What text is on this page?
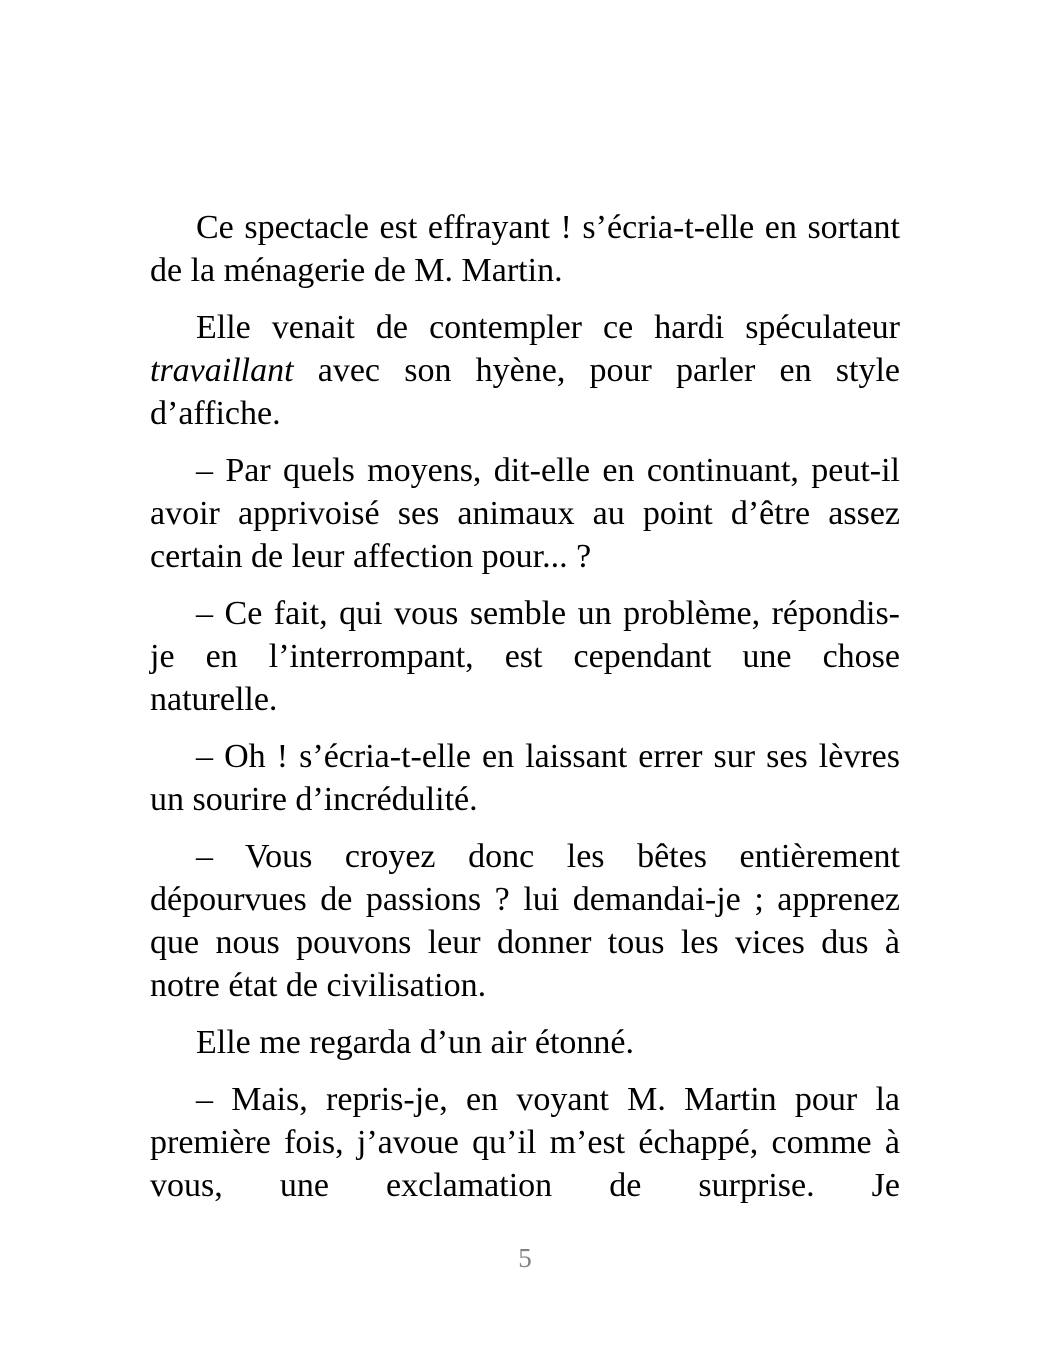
Ce spectacle est effrayant ! s’écria-t-elle en sortant de la ménagerie de M. Martin.

Elle venait de contempler ce hardi spéculateur travaillant avec son hyène, pour parler en style d’affiche.

– Par quels moyens, dit-elle en continuant, peut-il avoir apprivoisé ses animaux au point d’être assez certain de leur affection pour... ?

– Ce fait, qui vous semble un problème, répondis-je en l’interrompant, est cependant une chose naturelle.

– Oh ! s’écria-t-elle en laissant errer sur ses lèvres un sourire d’incrédulité.

– Vous croyez donc les bêtes entièrement dépourvues de passions ? lui demandai-je ; apprenez que nous pouvons leur donner tous les vices dus à notre état de civilisation.

Elle me regarda d’un air étonné.

– Mais, repris-je, en voyant M. Martin pour la première fois, j’avoue qu’il m’est échappé, comme à vous, une exclamation de surprise. Je

5
